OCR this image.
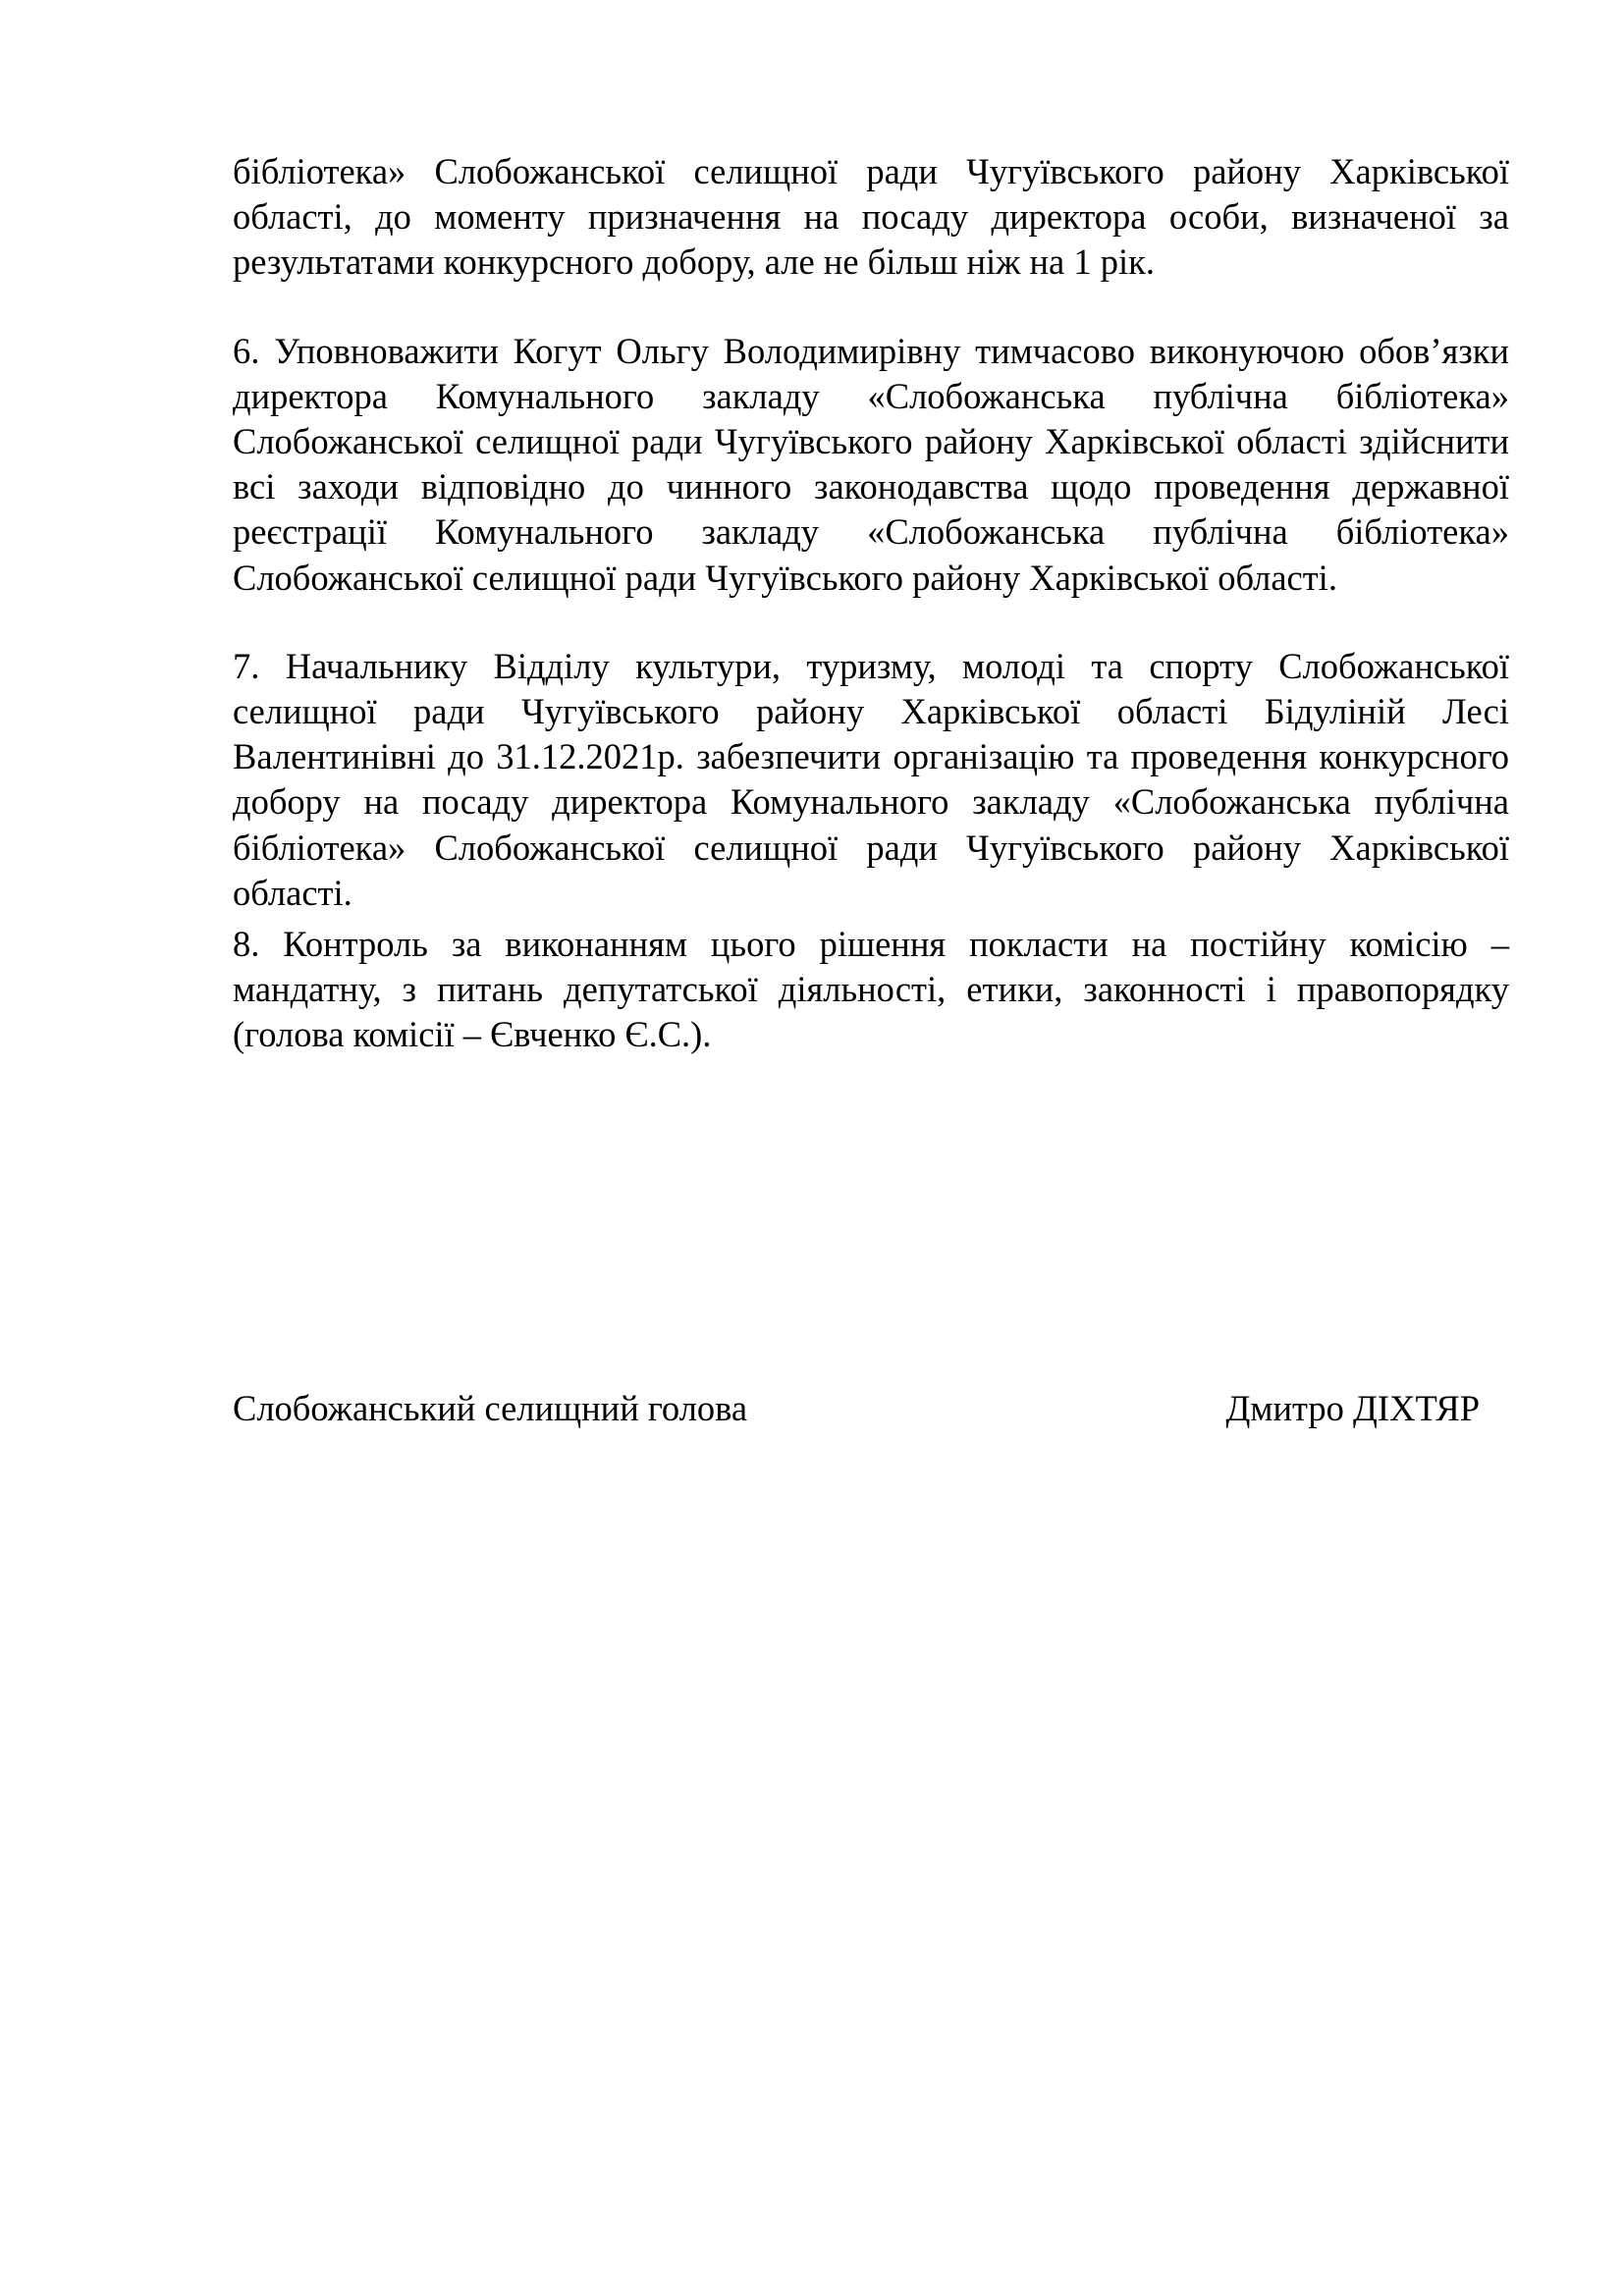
бібліотека» Слобожанської селищної ради Чугуївського району Харківської області, до моменту призначення на посаду директора особи, визначеної за результатами конкурсного добору, але не більш ніж на 1 рік.

6. Уповноважити Когут Ольгу Володимирівну тимчасово виконуючою обов’язки директора Комунального закладу «Слобожанська публічна бібліотека» Слобожанської селищної ради Чугуївського району Харківської області здійснити всі заходи відповідно до чинного законодавства щодо проведення державної реєстрації Комунального закладу «Слобожанська публічна бібліотека» Слобожанської селищної ради Чугуївського району Харківської області.

7. Начальнику Відділу культури, туризму, молоді та спорту Слобожанської селищної ради Чугуївського району Харківської області Бідуліній Лесі Валентинівні до 31.12.2021р. забезпечити організацію та проведення конкурсного добору на посаду директора Комунального закладу «Слобожанська публічна бібліотека» Слобожанської селищної ради Чугуївського району Харківської області.

8. Контроль за виконанням цього рішення покласти на постійну комісію – мандатну, з питань депутатської діяльності, етики, законності і правопорядку (голова комісії – Євченко Є.С.).

Слобожанський селищний голова	Дмитро ДІХТЯР
